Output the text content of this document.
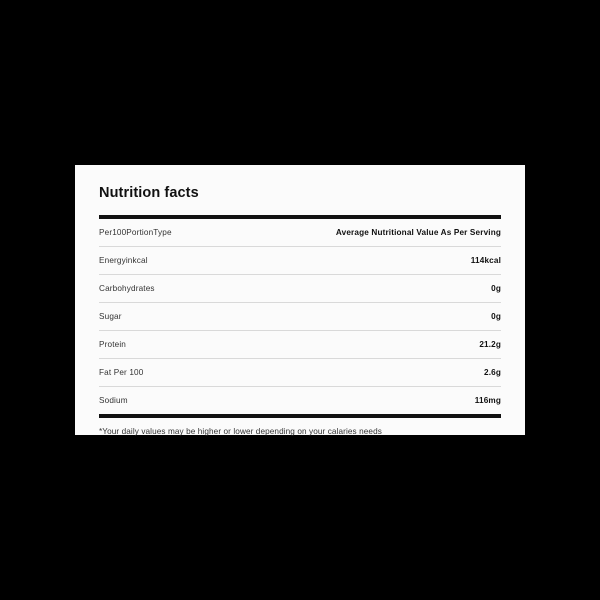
Nutrition facts
Per100PortionType	Average Nutritional Value As Per Serving
Energyinkcal	114kcal
Carbohydrates	0g
Sugar	0g
Protein	21.2g
Fat Per 100	2.6g
Sodium	116mg
*Your daily values may be higher or lower depending on your calaries needs
